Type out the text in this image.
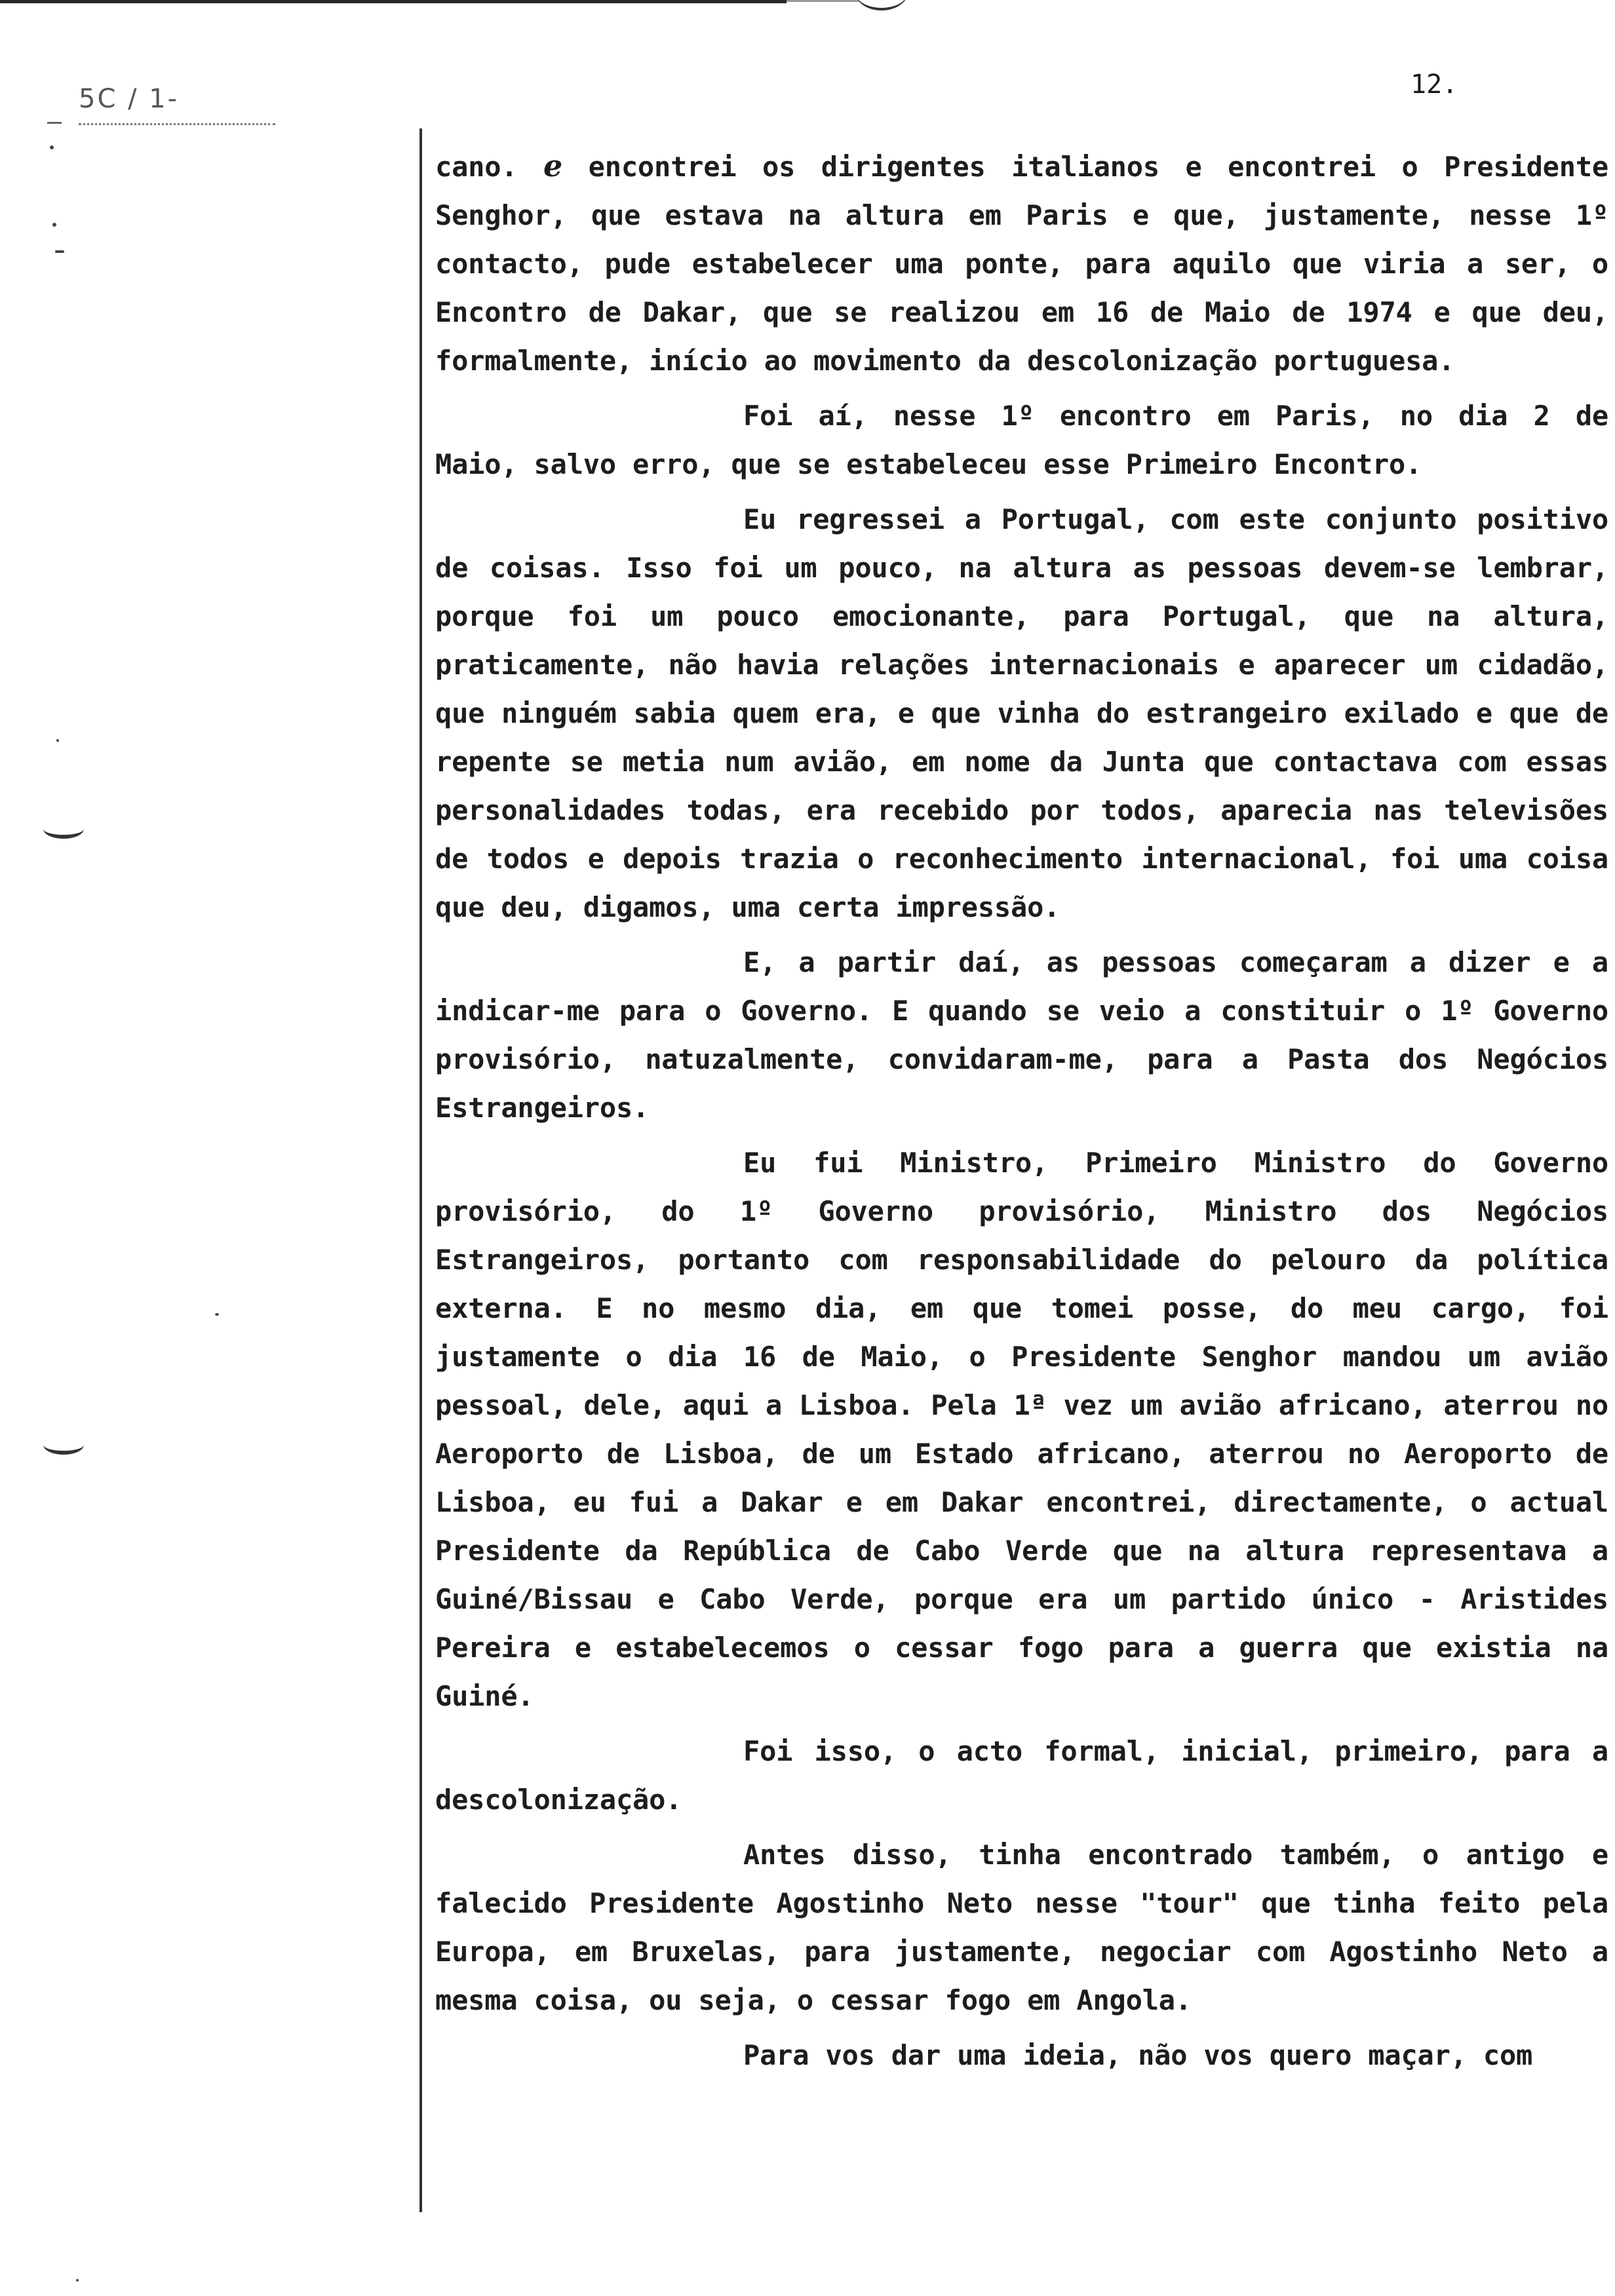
5C / 1-	12.

cano. e encontrei os dirigentes italianos e encontrei o Presidente Senghor, que estava na altura em Paris e que, justamente, nesse 1º contacto, pude estabelecer uma ponte, para aquilo que viria a ser, o Encontro de Dakar, que se realizou em 16 de Maio de 1974 e que deu, formalmente, início ao movimento da descolonização portuguesa.

Foi aí, nesse 1º encontro em Paris, no dia 2 de Maio, salvo erro, que se estabeleceu esse Primeiro Encontro.

Eu regressei a Portugal, com este conjunto positivo de coisas. Isso foi um pouco, na altura as pessoas devem-se lembrar, porque foi um pouco emocionante, para Portugal, que na altura, praticamente, não havia relações internacionais e aparecer um cidadão, que ninguém sabia quem era, e que vinha do estrangeiro exilado e que de repente se metia num avião, em nome da Junta que contactava com essas personalidades todas, era recebido por todos, aparecia nas televisões de todos e depois trazia o reconhecimento internacional, foi uma coisa que deu, digamos, uma certa impressão.

E, a partir daí, as pessoas começaram a dizer e a indicar-me para o Governo. E quando se veio a constituir o 1º Governo provisório, natuzalmente, convidaram-me, para a Pasta dos Negócios Estrangeiros.

Eu fui Ministro, Primeiro Ministro do Governo provisório, do 1º Governo provisório, Ministro dos Negócios Estrangeiros, portanto com responsabilidade do pelouro da política externa. E no mesmo dia, em que tomei posse, do meu cargo, foi justamente o dia 16 de Maio, o Presidente Senghor mandou um avião pessoal, dele, aqui a Lisboa. Pela 1ª vez um avião africano, aterrou no Aeroporto de Lisboa, de um Estado africano, aterrou no Aeroporto de Lisboa, eu fui a Dakar e em Dakar encontrei, directamente, o actual Presidente da República de Cabo Verde que na altura representava a Guiné/Bissau e Cabo Verde, porque era um partido único - Aristides Pereira e estabelecemos o cessar fogo para a guerra que existia na Guiné.

Foi isso, o acto formal, inicial, primeiro, para a descolonização.

Antes disso, tinha encontrado também, o antigo e falecido Presidente Agostinho Neto nesse "tour" que tinha feito pela Europa, em Bruxelas, para justamente, negociar com Agostinho Neto a mesma coisa, ou seja, o cessar fogo em Angola.

Para vos dar uma ideia, não vos quero maçar, com
